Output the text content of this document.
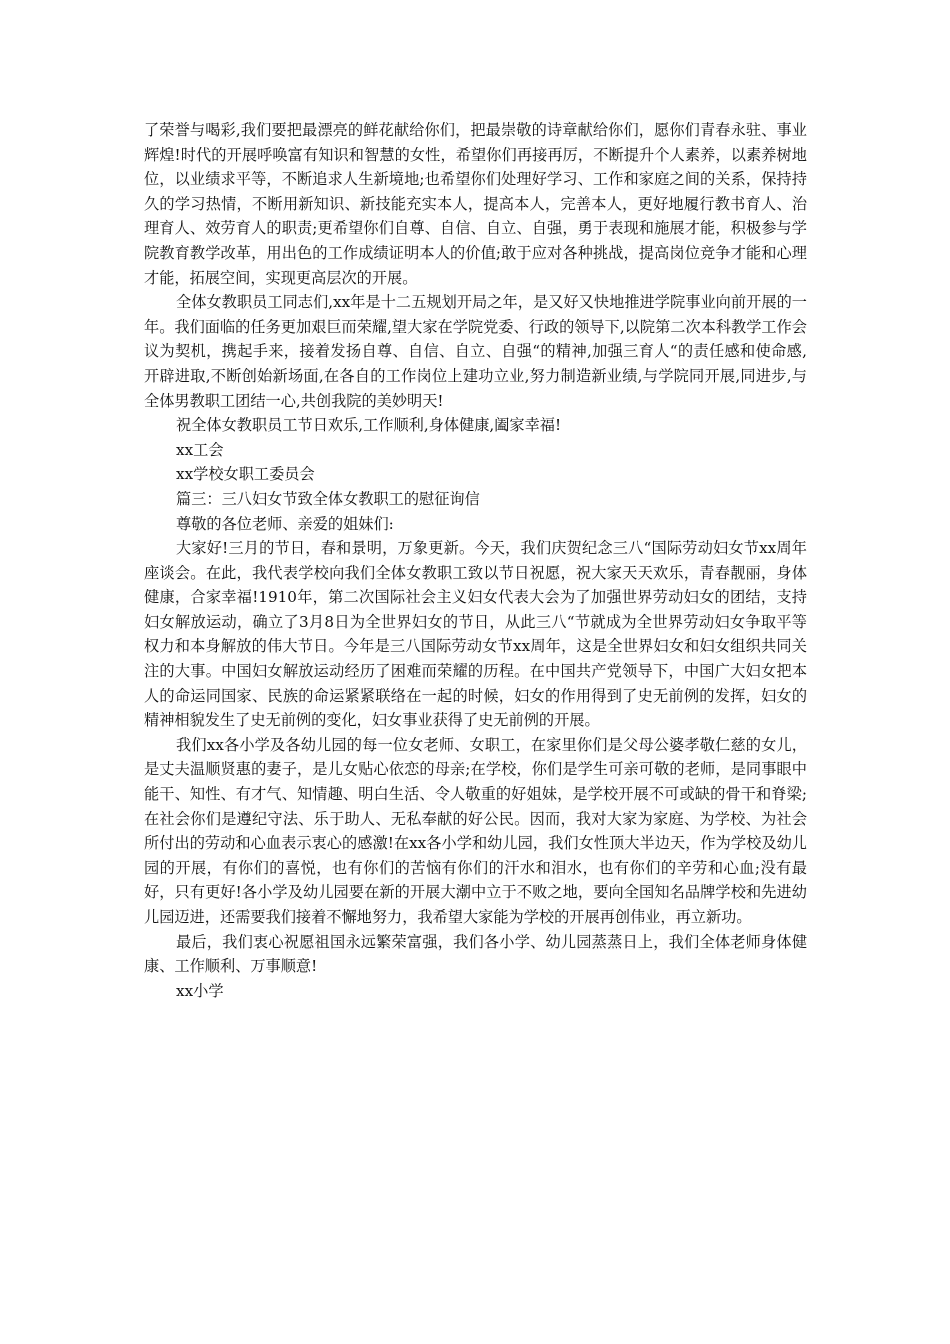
了荣誉与喝彩,我们要把最漂亮的鲜花献给你们，把最崇敬的诗章献给你们，愿你们青春永驻、事业辉煌!时代的开展呼唤富有知识和智慧的女性，希望你们再接再厉，不断提升个人素养，以素养树地位，以业绩求平等，不断追求人生新境地;也希望你们处理好学习、工作和家庭之间的关系，保持持久的学习热情，不断用新知识、新技能充实本人，提高本人，完善本人，更好地履行教书育人、治理育人、效劳育人的职责;更希望你们自尊、自信、自立、自强，勇于表现和施展才能，积极参与学院教育教学改革，用出色的工作成绩证明本人的价值;敢于应对各种挑战，提高岗位竞争才能和心理才能，拓展空间，实现更高层次的开展。

全体女教职员工同志们,xx年是十二五规划开局之年，是又好又快地推进学院事业向前开展的一年。我们面临的任务更加艰巨而荣耀,望大家在学院党委、行政的领导下,以院第二次本科教学工作会议为契机，携起手来，接着发扬自尊、自信、自立、自强“的精神,加强三育人“的责任感和使命感,开辟进取,不断创始新场面,在各自的工作岗位上建功立业,努力制造新业绩,与学院同开展,同进步,与全体男教职工团结一心,共创我院的美妙明天!

祝全体女教职员工节日欢乐,工作顺利,身体健康,阖家幸福!

xx工会

xx学校女职工委员会

篇三：三八妇女节致全体女教职工的慰征询信

尊敬的各位老师、亲爱的姐妹们:

大家好!三月的节日，春和景明，万象更新。今天，我们庆贺纪念三八“国际劳动妇女节xx周年座谈会。在此，我代表学校向我们全体女教职工致以节日祝愿，祝大家天天欢乐，青春靓丽，身体健康，合家幸福!1910年，第二次国际社会主义妇女代表大会为了加强世界劳动妇女的团结，支持妇女解放运动，确立了3月8日为全世界妇女的节日，从此三八“节就成为全世界劳动妇女争取平等权力和本身解放的伟大节日。今年是三八国际劳动女节xx周年，这是全世界妇女和妇女组织共同关注的大事。中国妇女解放运动经历了困难而荣耀的历程。在中国共产党领导下，中国广大妇女把本人的命运同国家、民族的命运紧紧联络在一起的时候，妇女的作用得到了史无前例的发挥，妇女的精神相貌发生了史无前例的变化，妇女事业获得了史无前例的开展。

我们xx各小学及各幼儿园的每一位女老师、女职工，在家里你们是父母公婆孝敬仁慈的女儿，是丈夫温顺贤惠的妻子，是儿女贴心依恋的母亲;在学校，你们是学生可亲可敬的老师，是同事眼中能干、知性、有才气、知情趣、明白生活、令人敬重的好姐妹，是学校开展不可或缺的骨干和脊梁;在社会你们是遵纪守法、乐于助人、无私奉献的好公民。因而，我对大家为家庭、为学校、为社会所付出的劳动和心血表示衷心的感激!在xx各小学和幼儿园，我们女性顶大半边天，作为学校及幼儿园的开展，有你们的喜悦，也有你们的苦恼有你们的汗水和泪水，也有你们的辛劳和心血;没有最好，只有更好!各小学及幼儿园要在新的开展大潮中立于不败之地，要向全国知名品牌学校和先进幼儿园迈进，还需要我们接着不懈地努力，我希望大家能为学校的开展再创伟业，再立新功。

最后，我们衷心祝愿祖国永远繁荣富强，我们各小学、幼儿园蒸蒸日上，我们全体老师身体健康、工作顺利、万事顺意!

xx小学
